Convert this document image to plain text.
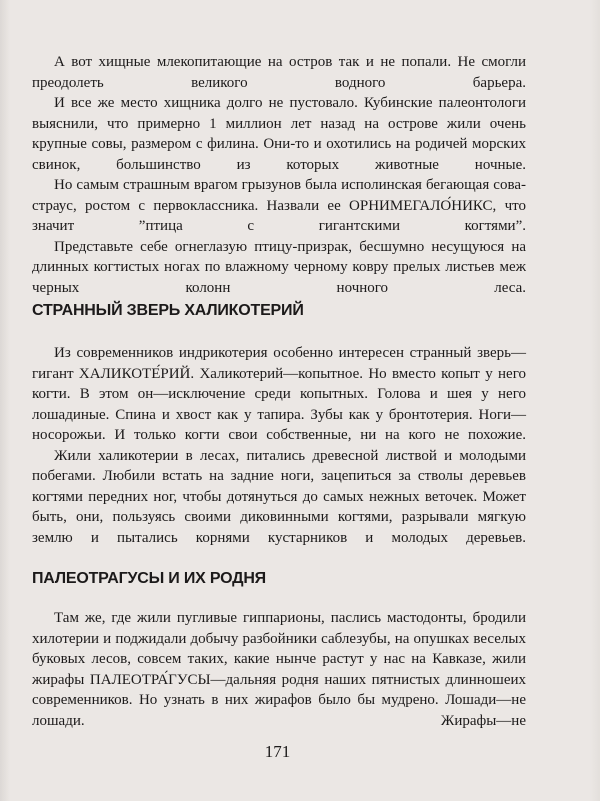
А вот хищные млекопитающие на остров так и не попали. Не смогли преодолеть великого водного барьера.

И все же место хищника долго не пустовало. Кубинские палеонтологи выяснили, что примерно 1 миллион лет назад на острове жили очень крупные совы, размером с филина. Они-то и охотились на родичей морских свинок, большинство из которых животные ночные.

Но самым страшным врагом грызунов была исполинская бегающая сова-страус, ростом с первоклассника. Назвали ее ОРНИМЕГАЛО́НИКС, что значит ”птица с гигантскими когтями”.

Представьте себе огнеглазую птицу-призрак, бесшумно несущуюся на длинных когтистых ногах по влажному черному ковру прелых листьев меж черных колонн ночного леса.

СТРАННЫЙ ЗВЕРЬ ХАЛИКОТЕРИЙ

Из современников индрикотерия особенно интересен странный зверь—гигант ХАЛИКОТЕ́РИЙ. Халикотерий—копытное. Но вместо копыт у него когти. В этом он—исключение среди копытных. Голова и шея у него лошадиные. Спина и хвост как у тапира. Зубы как у бронтотерия. Ноги—носорожьи. И только когти свои собственные, ни на кого не похожие.

Жили халикотерии в лесах, питались древесной листвой и молодыми побегами. Любили встать на задние ноги, зацепиться за стволы деревьев когтями передних ног, чтобы дотянуться до самых нежных веточек. Может быть, они, пользуясь своими диковинными когтями, разрывали мягкую землю и пытались корнями кустарников и молодых деревьев.

ПАЛЕОТРАГУСЫ И ИХ РОДНЯ

Там же, где жили пугливые гиппарионы, паслись мастодонты, бродили хилотерии и поджидали добычу разбойники саблезубы, на опушках веселых буковых лесов, совсем таких, какие нынче растут у нас на Кавказе, жили жирафы ПАЛЕОТРА́ГУСЫ—дальняя родня наших пятнистых длинношеих современников. Но узнать в них жирафов было бы мудрено. Лошади—не лошади. Жирафы—не

171
